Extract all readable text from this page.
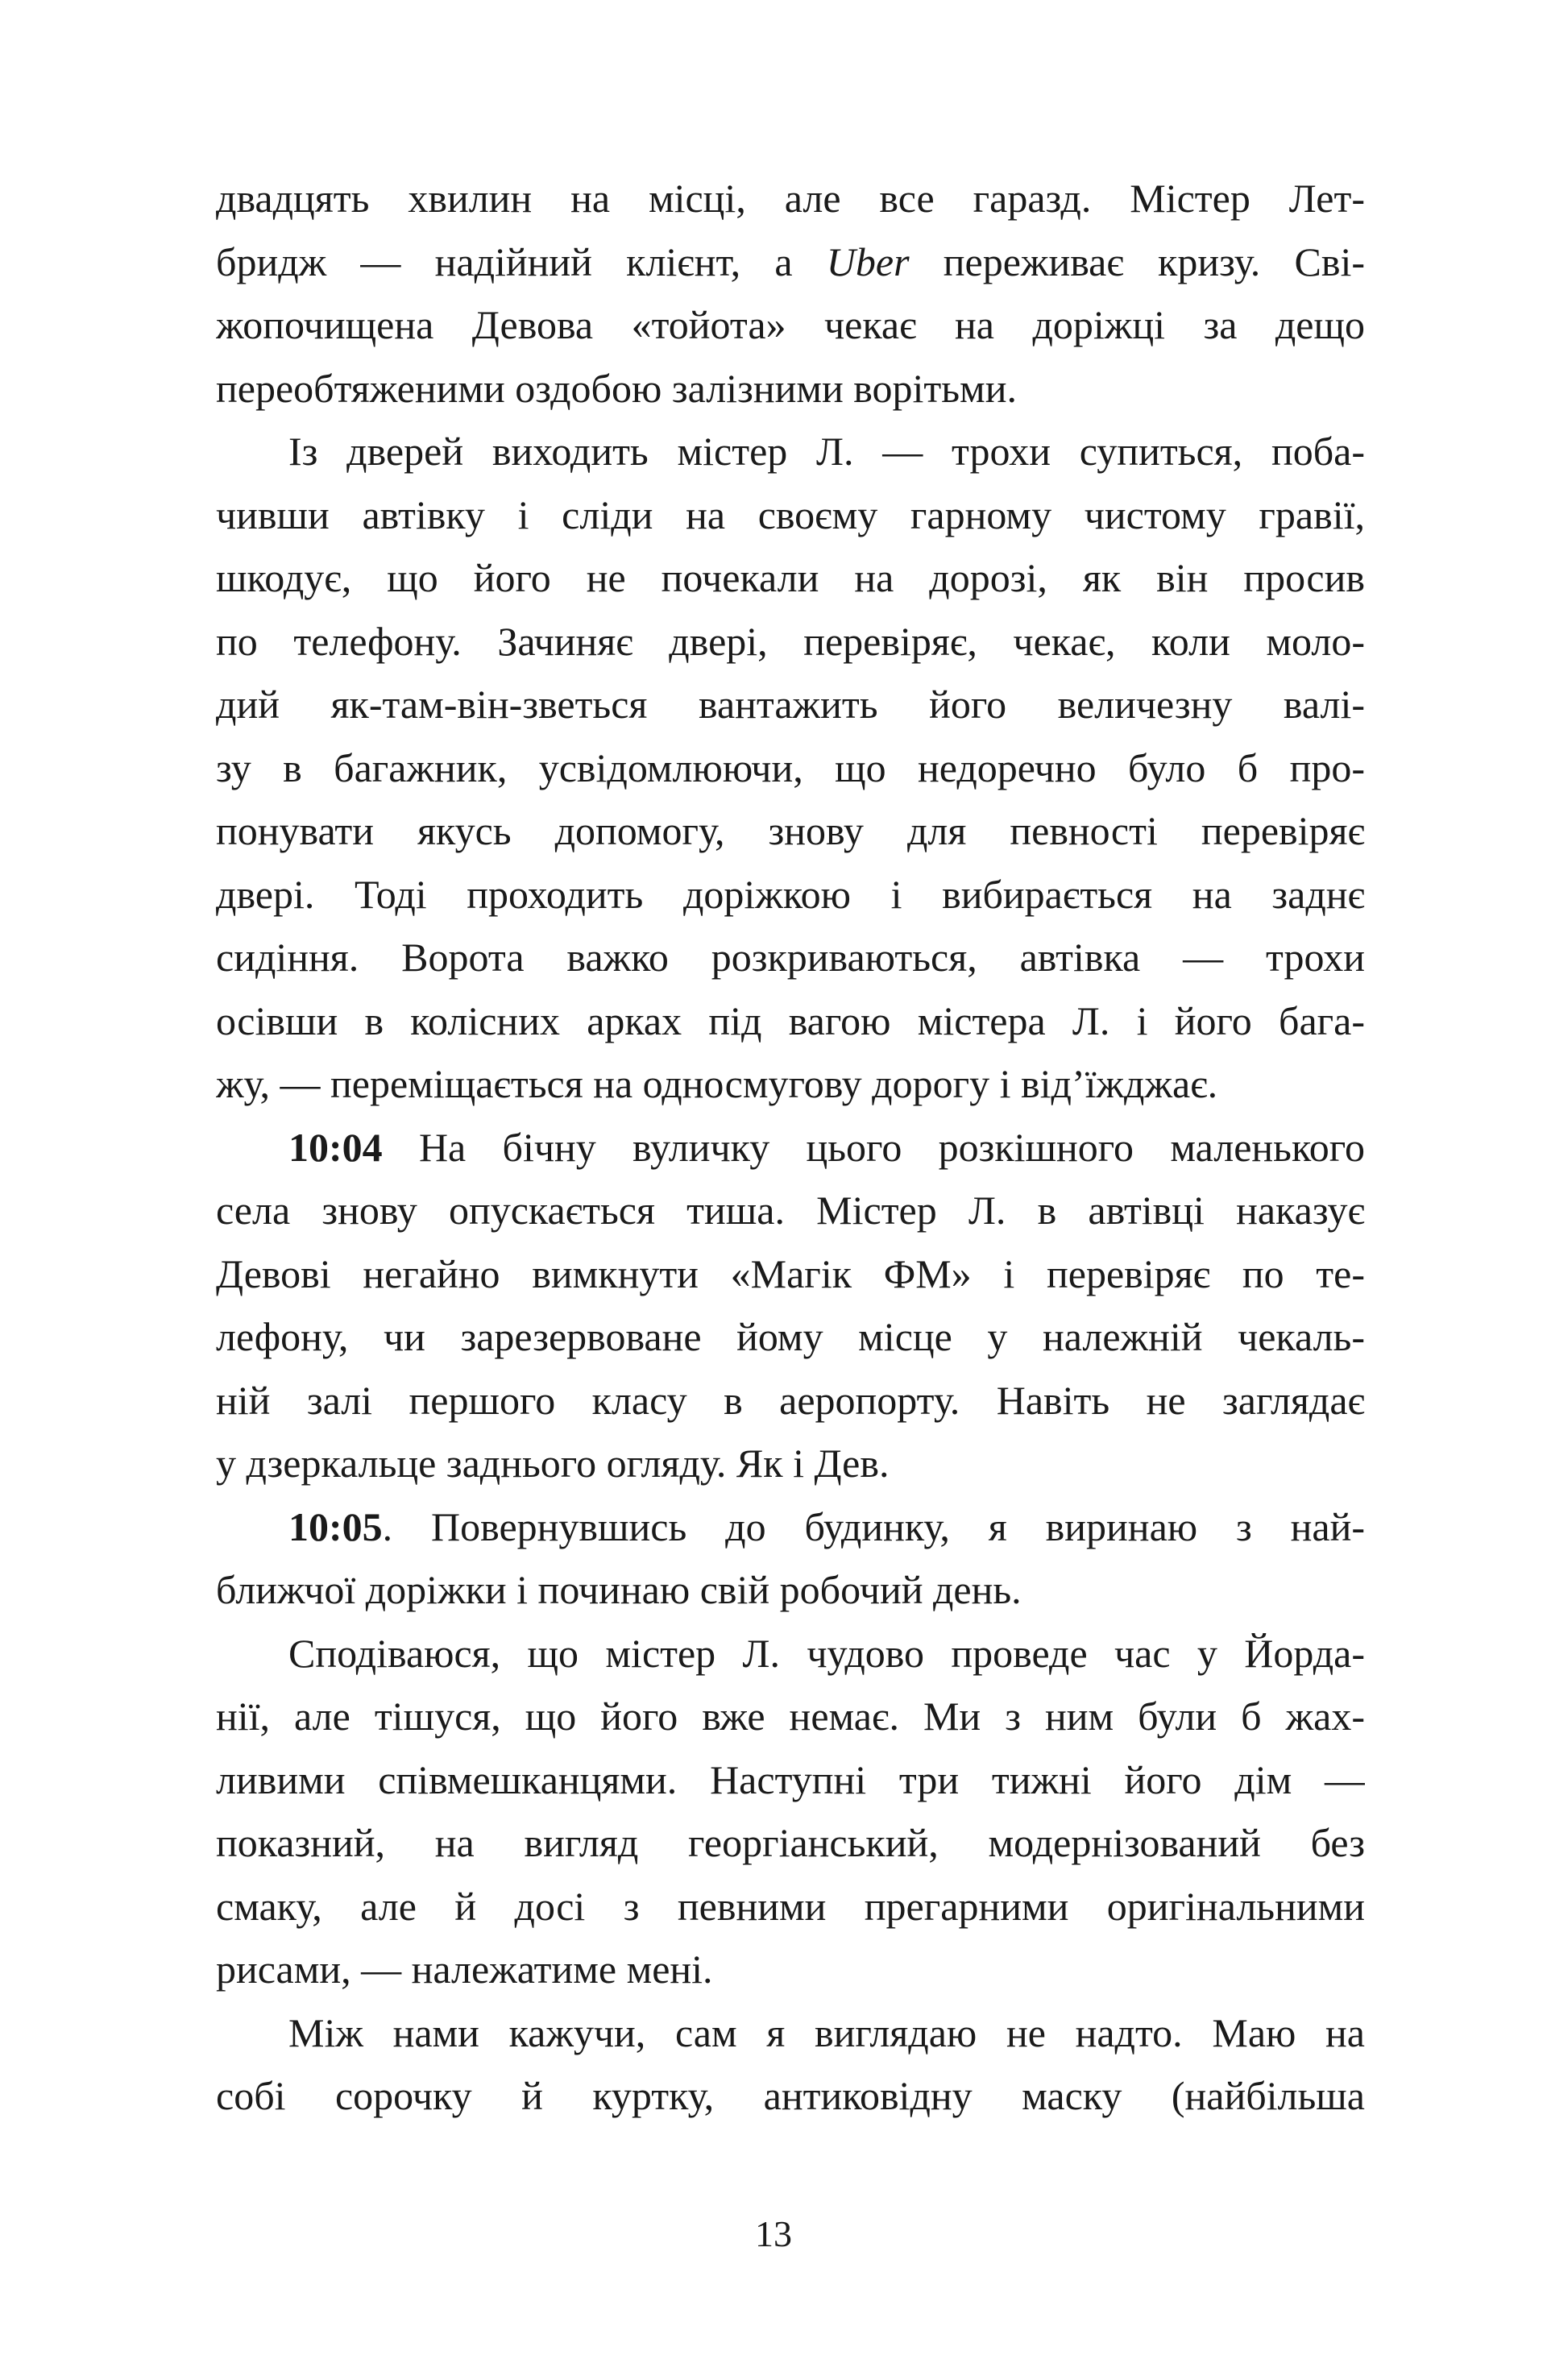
двадцять хвилин на місці, але все гаразд. Містер Лет-
бридж — надійний клієнт, а Uber переживає кризу. Сві-
жопочищена Девова «тойота» чекає на доріжці за дещо
переобтяженими оздобою залізними ворітьми.
Із дверей виходить містер Л. — трохи супиться, поба-
чивши автівку і сліди на своєму гарному чистому гравії,
шкодує, що його не почекали на дорозі, як він просив
по телефону. Зачиняє двері, перевіряє, чекає, коли моло-
дий як-там-він-зветься вантажить його величезну валі-
зу в багажник, усвідомлюючи, що недоречно було б про-
понувати якусь допомогу, знову для певності перевіряє
двері. Тоді проходить доріжкою і вибирається на заднє
сидіння. Ворота важко розкриваються, автівка — трохи
осівши в колісних арках під вагою містера Л. і його бага-
жу, — переміщається на односмугову дорогу і від’їжджає.
10:04 На бічну вуличку цього розкішного маленького
села знову опускається тиша. Містер Л. в автівці наказує
Девові негайно вимкнути «Магік ФМ» і перевіряє по те-
лефону, чи зарезервоване йому місце у належній чекаль-
ній залі першого класу в аеропорту. Навіть не заглядає
у дзеркальце заднього огляду. Як і Дев.
10:05. Повернувшись до будинку, я виринаю з най-
ближчої доріжки і починаю свій робочий день.
Сподіваюся, що містер Л. чудово проведе час у Йорда-
нії, але тішуся, що його вже немає. Ми з ним були б жах-
ливими співмешканцями. Наступні три тижні його дім —
показний, на вигляд георгіанський, модернізований без
смаку, але й досі з певними прегарними оригінальними
рисами, — належатиме мені.
Між нами кажучи, сам я виглядаю не надто. Маю на
собі сорочку й куртку, антиковідну маску (найбільша
13
